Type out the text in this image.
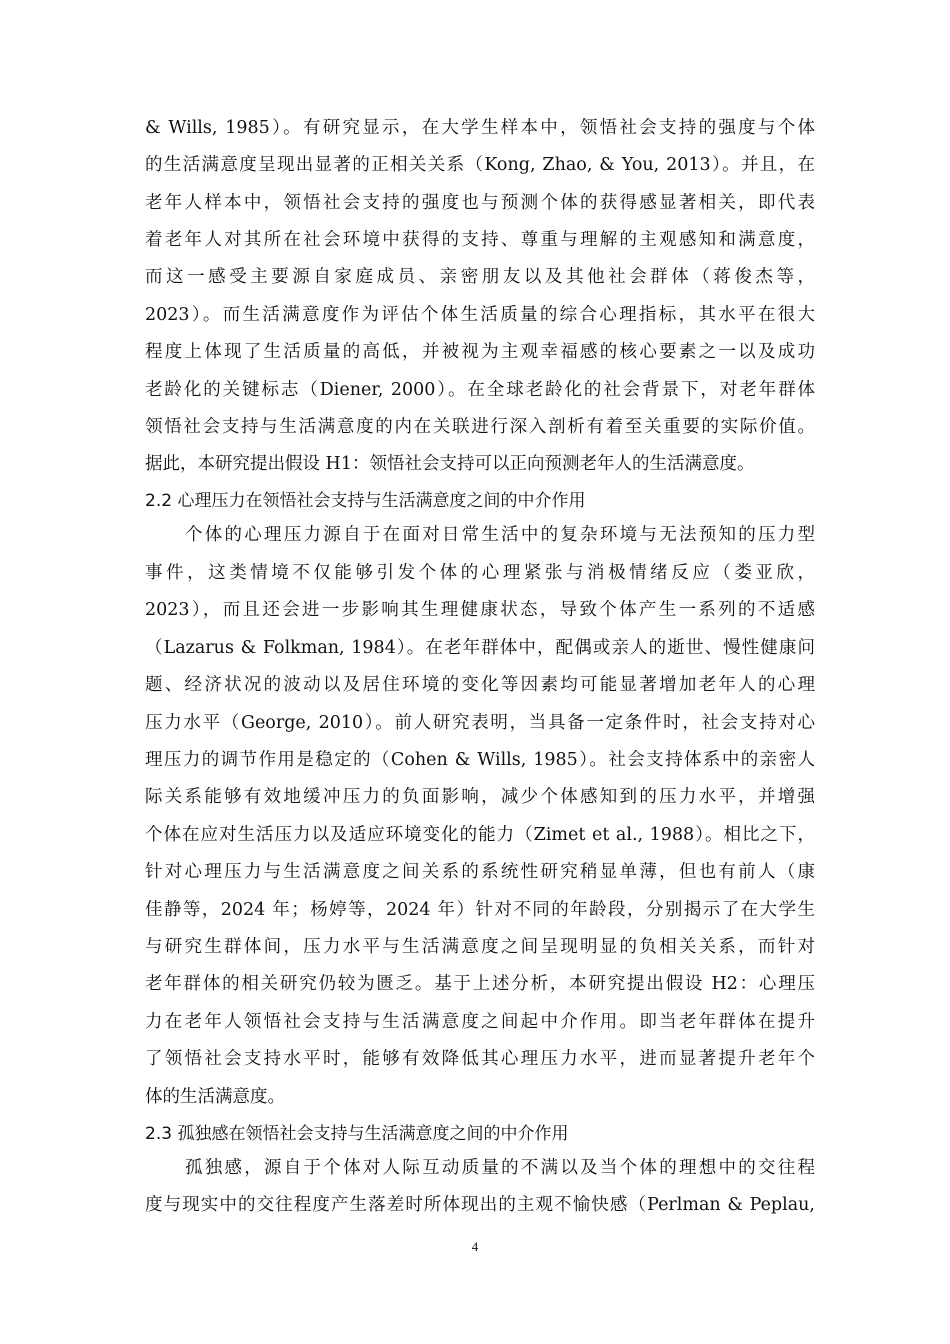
& Wills, 1985）。有研究显示，在大学生样本中，领悟社会支持的强度与个体
的生活满意度呈现出显著的正相关关系（Kong, Zhao, & You, 2013）。并且，在
老年人样本中，领悟社会支持的强度也与预测个体的获得感显著相关，即代表
着老年人对其所在社会环境中获得的支持、尊重与理解的主观感知和满意度，
而这一感受主要源自家庭成员、亲密朋友以及其他社会群体（蒋俊杰等，
2023）。而生活满意度作为评估个体生活质量的综合心理指标，其水平在很大
程度上体现了生活质量的高低，并被视为主观幸福感的核心要素之一以及成功
老龄化的关键标志（Diener, 2000）。在全球老龄化的社会背景下，对老年群体
领悟社会支持与生活满意度的内在关联进行深入剖析有着至关重要的实际价值。
据此，本研究提出假设 H1：领悟社会支持可以正向预测老年人的生活满意度。
2.2 心理压力在领悟社会支持与生活满意度之间的中介作用
个体的心理压力源自于在面对日常生活中的复杂环境与无法预知的压力型
事件，这类情境不仅能够引发个体的心理紧张与消极情绪反应（娄亚欣，
2023），而且还会进一步影响其生理健康状态，导致个体产生一系列的不适感
（Lazarus & Folkman, 1984）。在老年群体中，配偶或亲人的逝世、慢性健康问
题、经济状况的波动以及居住环境的变化等因素均可能显著增加老年人的心理
压力水平（George, 2010）。前人研究表明，当具备一定条件时，社会支持对心
理压力的调节作用是稳定的（Cohen & Wills, 1985）。社会支持体系中的亲密人
际关系能够有效地缓冲压力的负面影响，减少个体感知到的压力水平，并增强
个体在应对生活压力以及适应环境变化的能力（Zimet et al., 1988）。相比之下，
针对心理压力与生活满意度之间关系的系统性研究稍显单薄，但也有前人（康
佳静等，2024 年；杨婷等，2024 年）针对不同的年龄段，分别揭示了在大学生
与研究生群体间，压力水平与生活满意度之间呈现明显的负相关关系，而针对
老年群体的相关研究仍较为匮乏。基于上述分析，本研究提出假设 H2：心理压
力在老年人领悟社会支持与生活满意度之间起中介作用。即当老年群体在提升
了领悟社会支持水平时，能够有效降低其心理压力水平，进而显著提升老年个
体的生活满意度。
2.3 孤独感在领悟社会支持与生活满意度之间的中介作用
孤独感，源自于个体对人际互动质量的不满以及当个体的理想中的交往程
度与现实中的交往程度产生落差时所体现出的主观不愉快感（Perlman & Peplau,
4
